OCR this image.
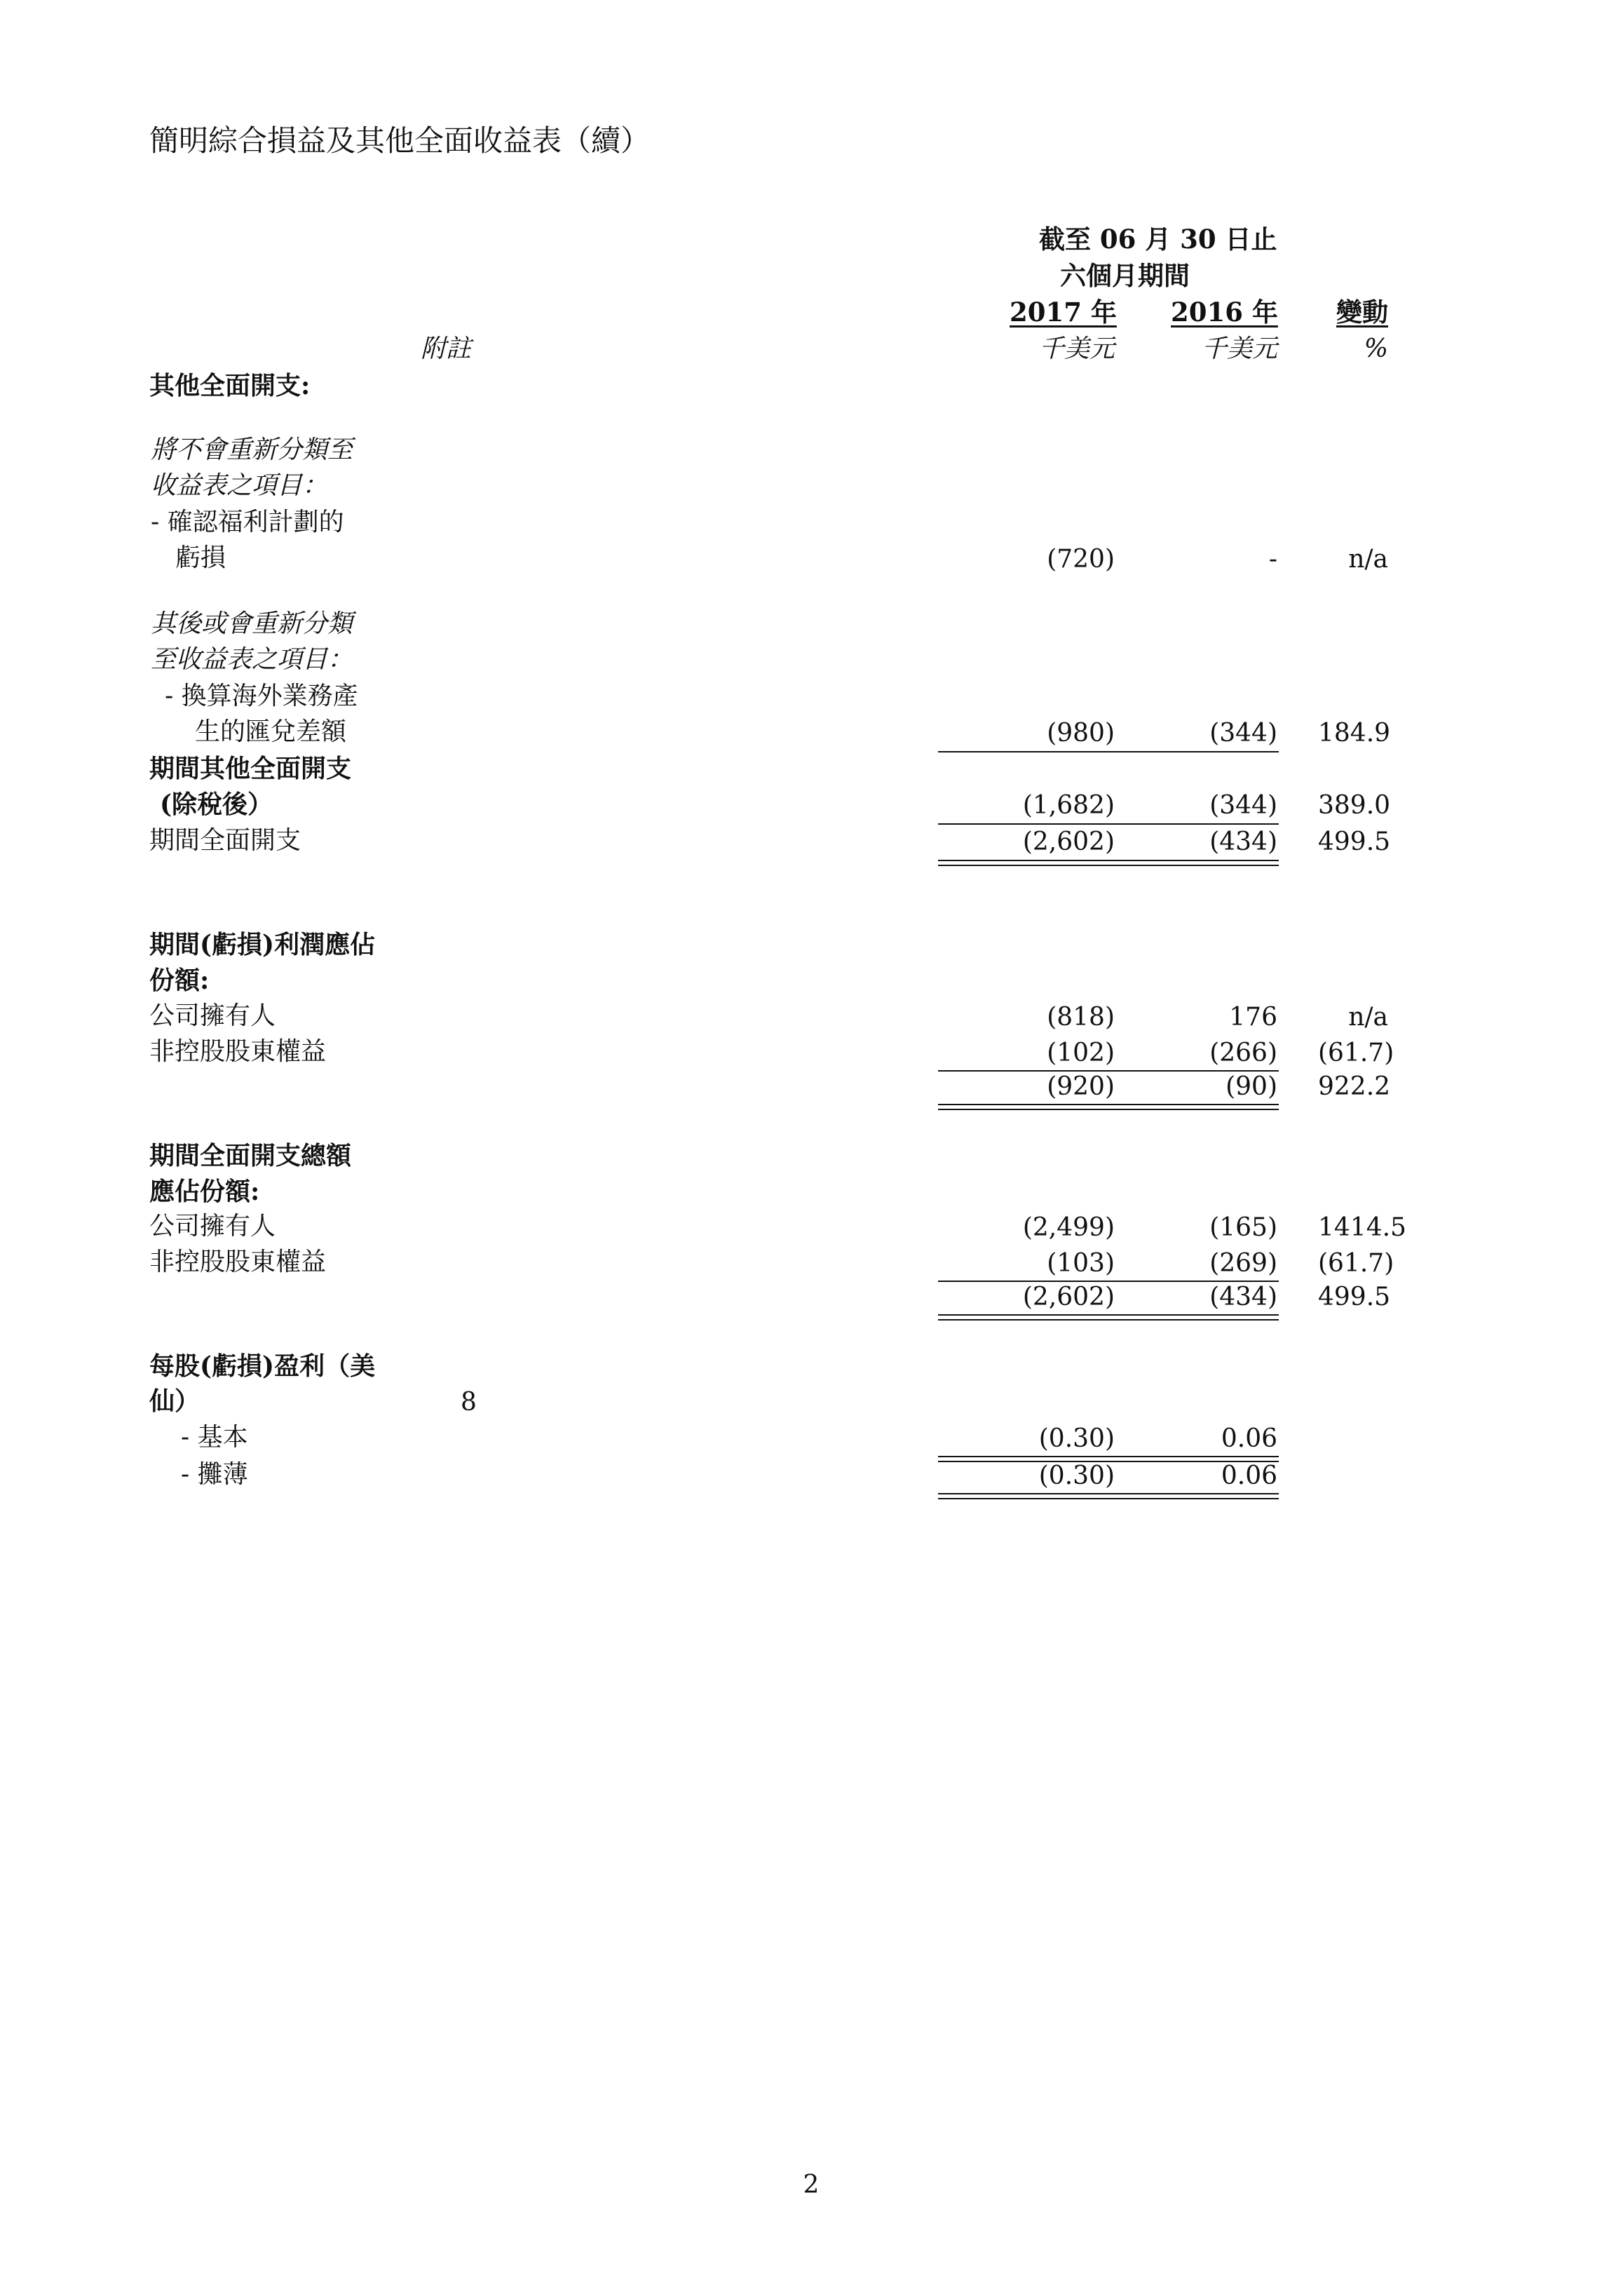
簡明綜合損益及其他全面收益表（續）
截至 06 月 30 日止
六個月期間
2017 年 2016 年	變動
附註	千美元	千美元	%
其他全面開支:
將不會重新分類至
收益表之項目：
- 確認福利計劃的
虧損	(720)	-	n/a
其後或會重新分類
至收益表之項目：
- 換算海外業務產
生的匯兌差額	(980)	(344) 184.9
期間其他全面開支
(除稅後）	(1,682)	(344) 389.0
期間全面開支	(2,602)	(434) 499.5
期間(虧損)利潤應佔
份額:
公司擁有人	(818)	176	n/a
非控股股東權益	(102)	(266) (61.7)
(920)	(90) 922.2
期間全面開支總額
應佔份額:
公司擁有人	(2,499)	(165) 1414.5
非控股股東權益	(103)	(269) (61.7)
(2,602)	(434) 499.5
每股(虧損)盈利（美
仙）	8
- 基本	(0.30)	0.06
- 攤薄	(0.30)	0.06
2
